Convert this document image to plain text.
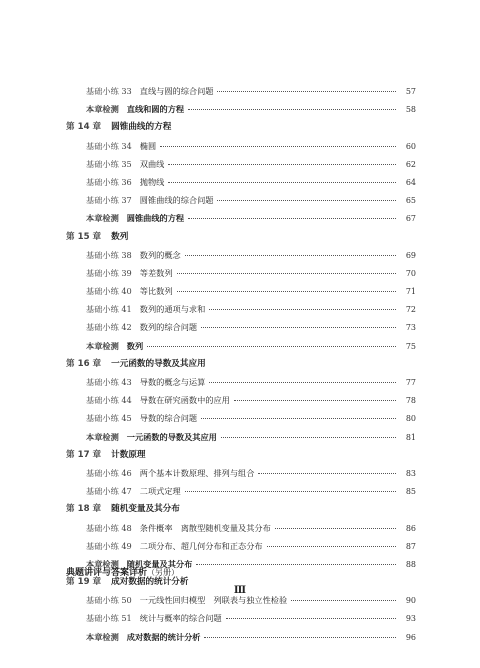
基础小练 33 直线与圆的综合问题	57
本章检测 直线和圆的方程	58
第 14 章 圆锥曲线的方程
基础小练 34 椭圆	60
基础小练 35 双曲线	62
基础小练 36 抛物线	64
基础小练 37 圆锥曲线的综合问题	65
本章检测 圆锥曲线的方程	67
第 15 章 数列
基础小练 38 数列的概念	69
基础小练 39 等差数列	70
基础小练 40 等比数列	71
基础小练 41 数列的通项与求和	72
基础小练 42 数列的综合问题	73
本章检测 数列	75
第 16 章 一元函数的导数及其应用
基础小练 43 导数的概念与运算	77
基础小练 44 导数在研究函数中的应用	78
基础小练 45 导数的综合问题	80
本章检测 一元函数的导数及其应用	81
第 17 章 计数原理
基础小练 46 两个基本计数原理、排列与组合	83
基础小练 47 二项式定理	85
第 18 章 随机变量及其分布
基础小练 48 条件概率　离散型随机变量及其分布	86
基础小练 49 二项分布、超几何分布和正态分布	87
本章检测 随机变量及其分布	88
第 19 章 成对数据的统计分析
基础小练 50 一元线性回归模型　列联表与独立性检验	90
基础小练 51 统计与概率的综合问题	93
本章检测 成对数据的统计分析	96
典题讲评与答案详析（另册）
Ⅲ
